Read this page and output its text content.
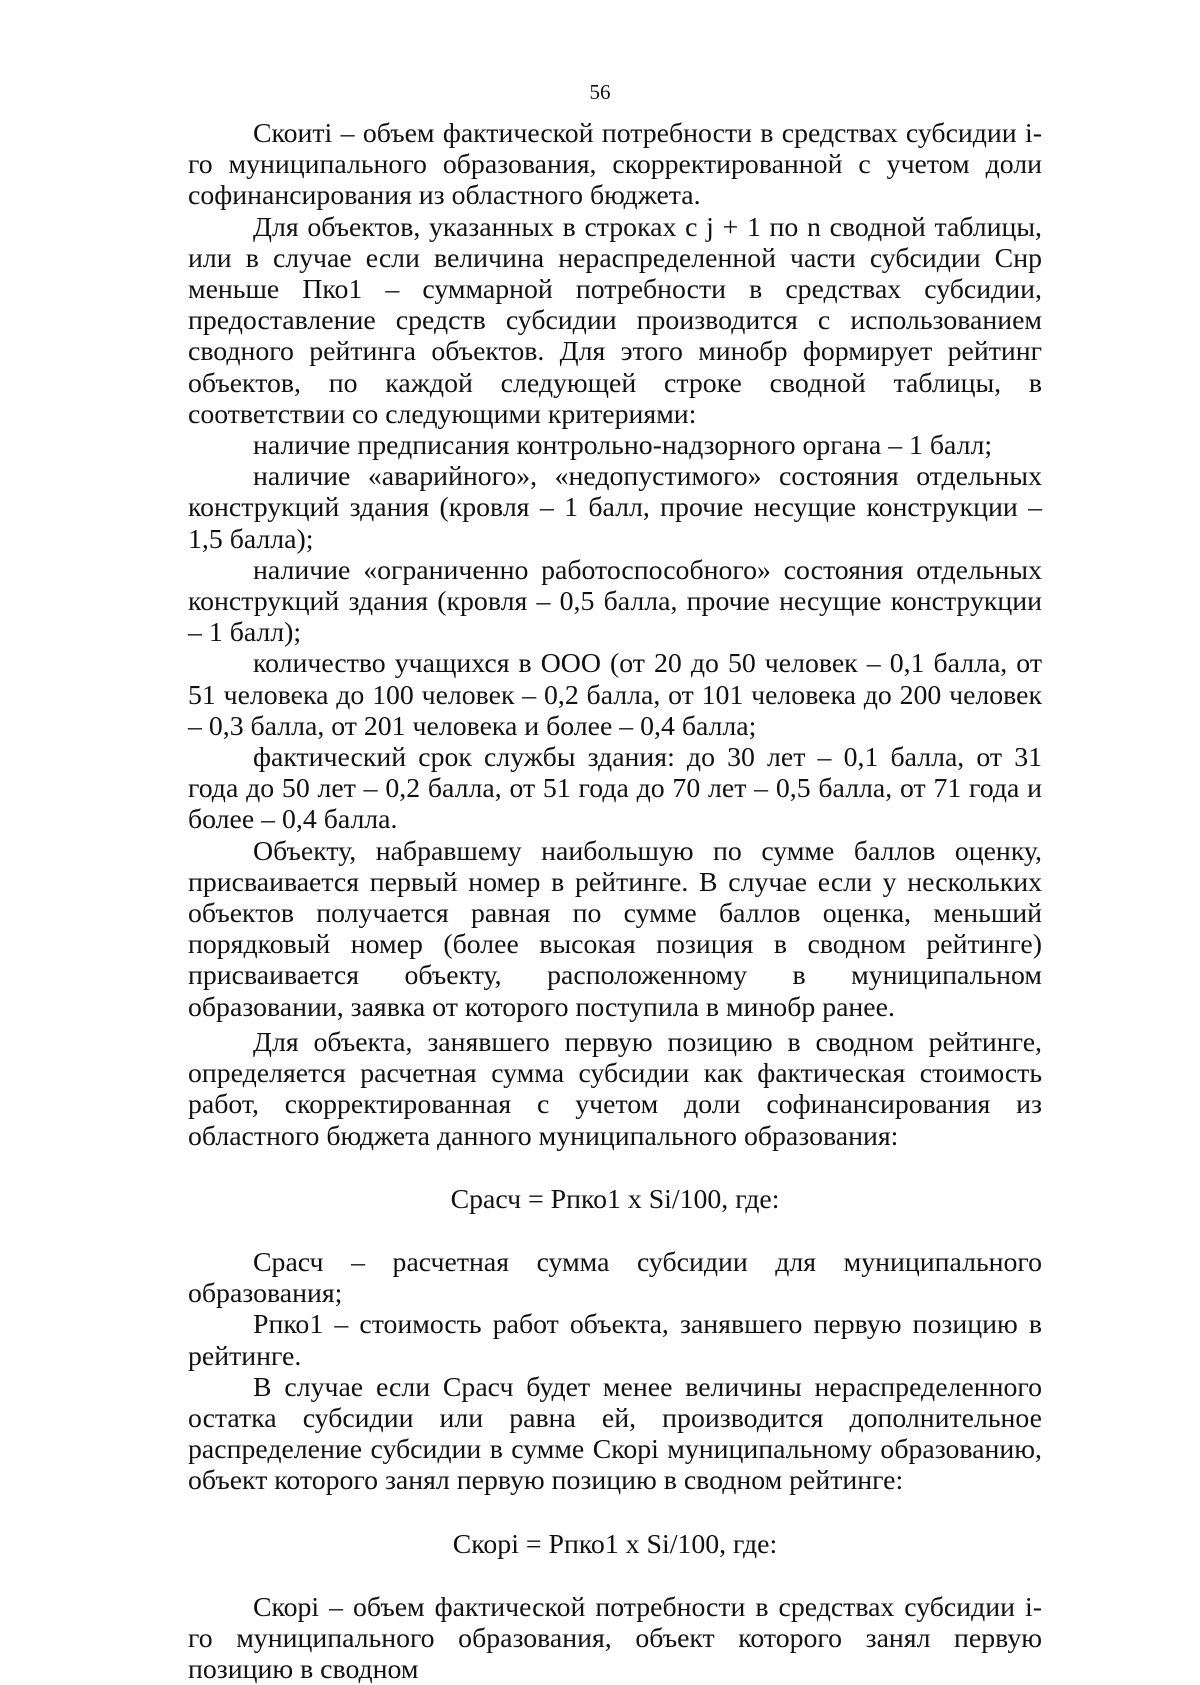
56

Скоитi – объем фактической потребности в средствах субсидии i-го муниципального образования, скорректированной с учетом доли софинансирования из областного бюджета.

Для объектов, указанных в строках с j + 1 по n сводной таблицы, или в случае если величина нераспределенной части субсидии Снр меньше Пко1 – суммарной потребности в средствах субсидии, предоставление средств субсидии производится с использованием сводного рейтинга объектов. Для этого минобр формирует рейтинг объектов, по каждой следующей строке сводной таблицы, в соответствии со следующими критериями:

наличие предписания контрольно-надзорного органа – 1 балл;

наличие «аварийного», «недопустимого» состояния отдельных конструкций здания (кровля – 1 балл, прочие несущие конструкции – 1,5 балла);

наличие «ограниченно работоспособного» состояния отдельных конструкций здания (кровля – 0,5 балла, прочие несущие конструкции – 1 балл);

количество учащихся в ООО (от 20 до 50 человек – 0,1 балла, от 51 человека до 100 человек – 0,2 балла, от 101 человека до 200 человек – 0,3 балла, от 201 человека и более – 0,4 балла;

фактический срок службы здания: до 30 лет – 0,1 балла, от 31 года до 50 лет – 0,2 балла, от 51 года до 70 лет – 0,5 балла, от 71 года и более – 0,4 балла.

Объекту, набравшему наибольшую по сумме баллов оценку, присваивается первый номер в рейтинге. В случае если у нескольких объектов получается равная по сумме баллов оценка, меньший порядковый номер (более высокая позиция в сводном рейтинге) присваивается объекту, расположенному в муниципальном образовании, заявка от которого поступила в минобр ранее.

Для объекта, занявшего первую позицию в сводном рейтинге, определяется расчетная сумма субсидии как фактическая стоимость работ, скорректированная с учетом доли софинансирования из областного бюджета данного муниципального образования:

Срасч = Рпко1 х Si/100, где:

Срасч – расчетная сумма субсидии для муниципального образования;

Рпко1 – стоимость работ объекта, занявшего первую позицию в рейтинге.

В случае если Срасч будет менее величины нераспределенного остатка субсидии или равна ей, производится дополнительное распределение субсидии в сумме Скорi муниципальному образованию, объект которого занял первую позицию в сводном рейтинге:

Скорi = Рпко1 х Si/100, где:

Скорi – объем фактической потребности в средствах субсидии i-го муниципального образования, объект которого занял первую позицию в сводном
